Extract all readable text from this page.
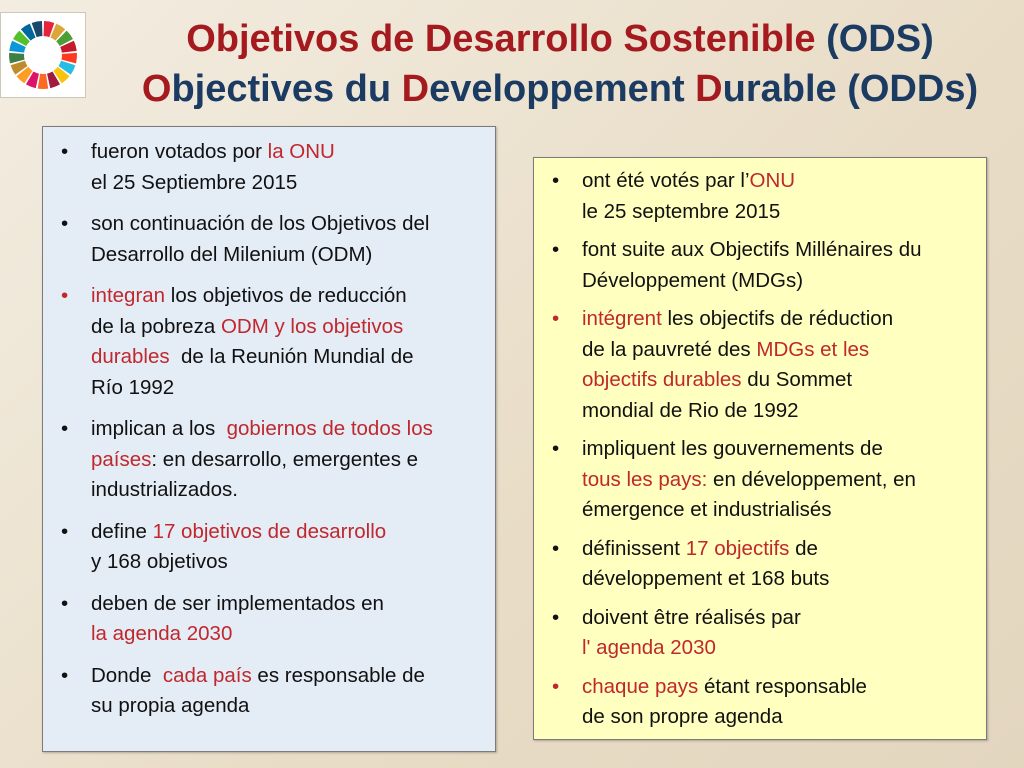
Objetivos de Desarrollo Sostenible (ODS)
Objectives du Developpement Durable (ODDs)
•	fueron votados por la ONU
el 25 Septiembre 2015
•	son continuación de los Objetivos del
Desarrollo del Milenium (ODM)
•	integran los objetivos de reducción
de la pobreza ODM y los objetivos
durables  de la Reunión Mundial de
Río 1992
•	implican a los  gobiernos de todos los
países: en desarrollo, emergentes e
industrializados.
•	define 17 objetivos de desarrollo
y 168 objetivos
•	deben de ser implementados en
la agenda 2030
•	Donde  cada país es responsable de
su propia agenda
•	ont été votés par l’ONU
le 25 septembre 2015
•	font suite aux Objectifs Millénaires du
Développement (MDGs)
•	intégrent les objectifs de réduction
de la pauvreté des MDGs et les
objectifs durables du Sommet
mondial de Rio de 1992
•	impliquent les gouvernements de
tous les pays: en développement, en
émergence et industrialisés
•	définissent 17 objectifs de
développement et 168 buts
•	doivent être réalisés par
l' agenda 2030
•	chaque pays étant responsable
de son propre agenda
